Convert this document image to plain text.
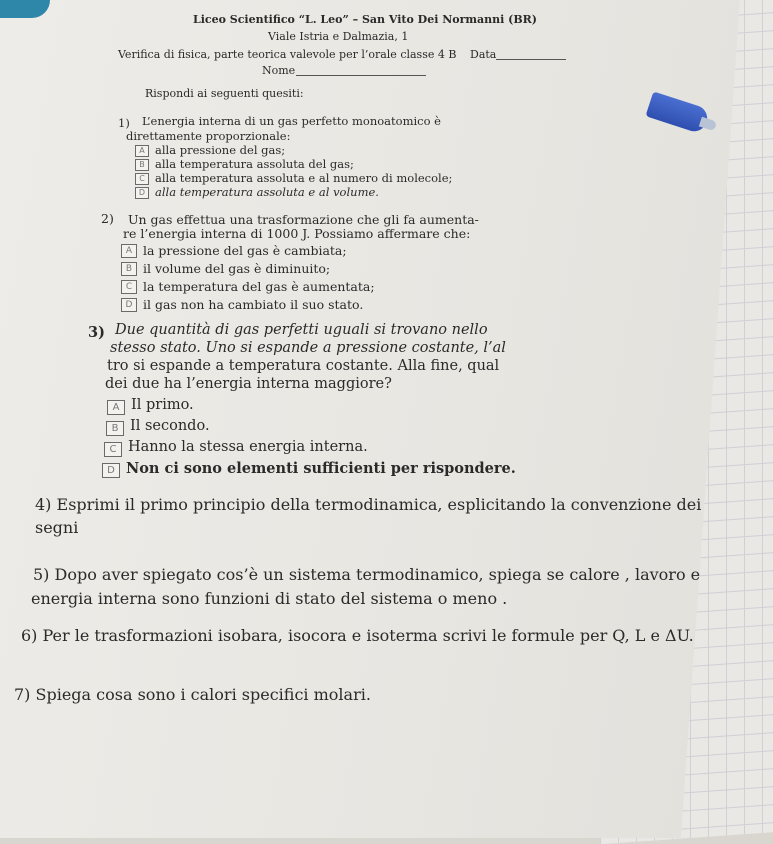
Liceo Scientifico “L. Leo” – San Vito Dei Normanni (BR)
Viale Istria e Dalmazia, 1
Verifica di fisica, parte teorica valevole per l’orale classe 4 B Data
Nome
Rispondi ai seguenti quesiti:
1) L’energia interna di un gas perfetto monoatomico è
direttamente proporzionale:
A alla pressione del gas;
B alla temperatura assoluta del gas;
C alla temperatura assoluta e al numero di molecole;
D alla temperatura assoluta e al volume.
2) Un gas effettua una trasformazione che gli fa aumenta-
re l’energia interna di 1000 J. Possiamo affermare che:
A la pressione del gas è cambiata;
B il volume del gas è diminuito;
C la temperatura del gas è aumentata;
D il gas non ha cambiato il suo stato.
3) Due quantità di gas perfetti uguali si trovano nello
stesso stato. Uno si espande a pressione costante, l’al
tro si espande a temperatura costante. Alla fine, qual
dei due ha l’energia interna maggiore?
A Il primo.
B Il secondo.
C Hanno la stessa energia interna.
D Non ci sono elementi sufficienti per rispondere.
4) Esprimi il primo principio della termodinamica, esplicitando la convenzione dei
segni
5) Dopo aver spiegato cos’è un sistema termodinamico, spiega se calore , lavoro e
energia interna sono funzioni di stato del sistema o meno .
6) Per le trasformazioni isobara, isocora e isoterma scrivi le formule per Q, L e ΔU.
7) Spiega cosa sono i calori specifici molari.
